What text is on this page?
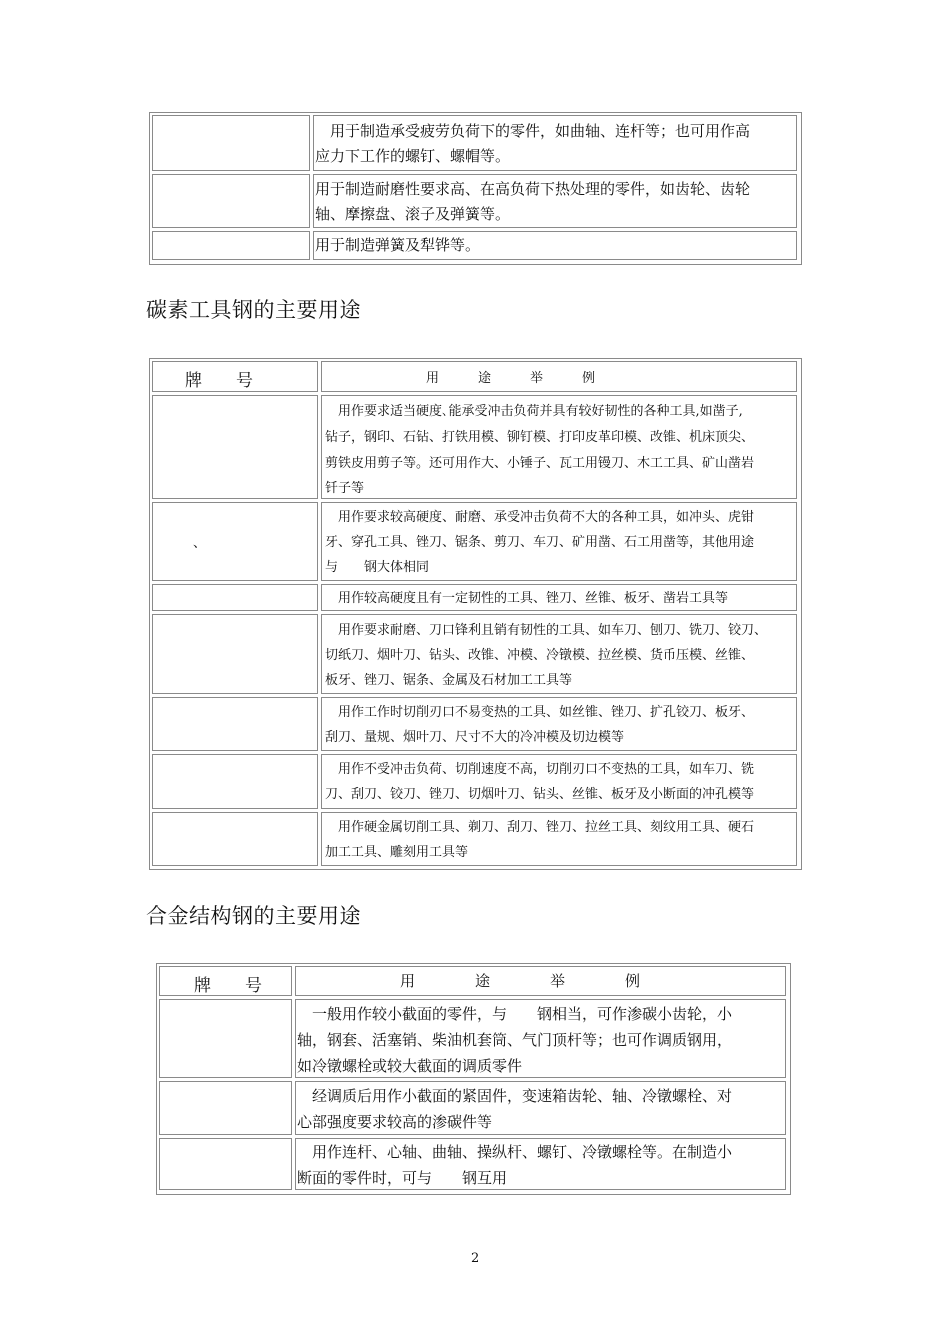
　用于制造承受疲劳负荷下的零件，如曲轴、连杆等；也可用作高
应力下工作的螺钉、螺帽等。
用于制造耐磨性要求高、在高负荷下热处理的零件，如齿轮、齿轮
轴、摩擦盘、滚子及弹簧等。
用于制造弹簧及犁铧等。
碳素工具钢的主要用途
牌　　号	用　　　途　　　举　　　例
　用作要求适当硬度､能承受冲击负荷并具有较好韧性的各种工具,如凿子,
钻子，钢印、石钻、打铁用模、铆钉模、打印皮革印模、改锥、机床顶尖、
剪铁皮用剪子等。还可用作大、小锤子、瓦工用镘刀、木工工具、矿山凿岩
钎子等
、
　用作要求较高硬度、耐磨、承受冲击负荷不大的各种工具，如冲头、虎钳
牙、穿孔工具、锉刀、锯条、剪刀、车刀、矿用凿、石工用凿等，其他用途
与　　钢大体相同
　用作较高硬度且有一定韧性的工具、锉刀、丝锥、板牙、凿岩工具等
　用作要求耐磨、刀口锋利且销有韧性的工具、如车刀、刨刀、铣刀、铰刀、
切纸刀、烟叶刀、钻头、改锥、冲模、冷镦模、拉丝模、货币压模、丝锥、
板牙、锉刀、锯条、金属及石材加工工具等
　用作工作时切削刃口不易变热的工具、如丝锥、锉刀、扩孔铰刀、板牙、
刮刀、量规、烟叶刀、尺寸不大的冷冲模及切边模等
　用作不受冲击负荷、切削速度不高，切削刃口不变热的工具，如车刀、铣
刀、刮刀、铰刀、锉刀、切烟叶刀、钻头、丝锥、板牙及小断面的冲孔模等
　用作硬金属切削工具、剃刀、刮刀、锉刀、拉丝工具、刻纹用工具、硬石
加工工具、雕刻用工具等
合金结构钢的主要用途
牌　　号	用　　　　途　　　　举　　　　例
　一般用作较小截面的零件，与　　钢相当，可作渗碳小齿轮，小
轴，钢套、活塞销、柴油机套筒、气门顶杆等；也可作调质钢用，
如冷镦螺栓或较大截面的调质零件
　经调质后用作小截面的紧固件，变速箱齿轮、轴、冷镦螺栓、对
心部强度要求较高的渗碳件等
　用作连杆、心轴、曲轴、操纵杆、螺钉、冷镦螺栓等。在制造小
断面的零件时，可与　　钢互用
2
